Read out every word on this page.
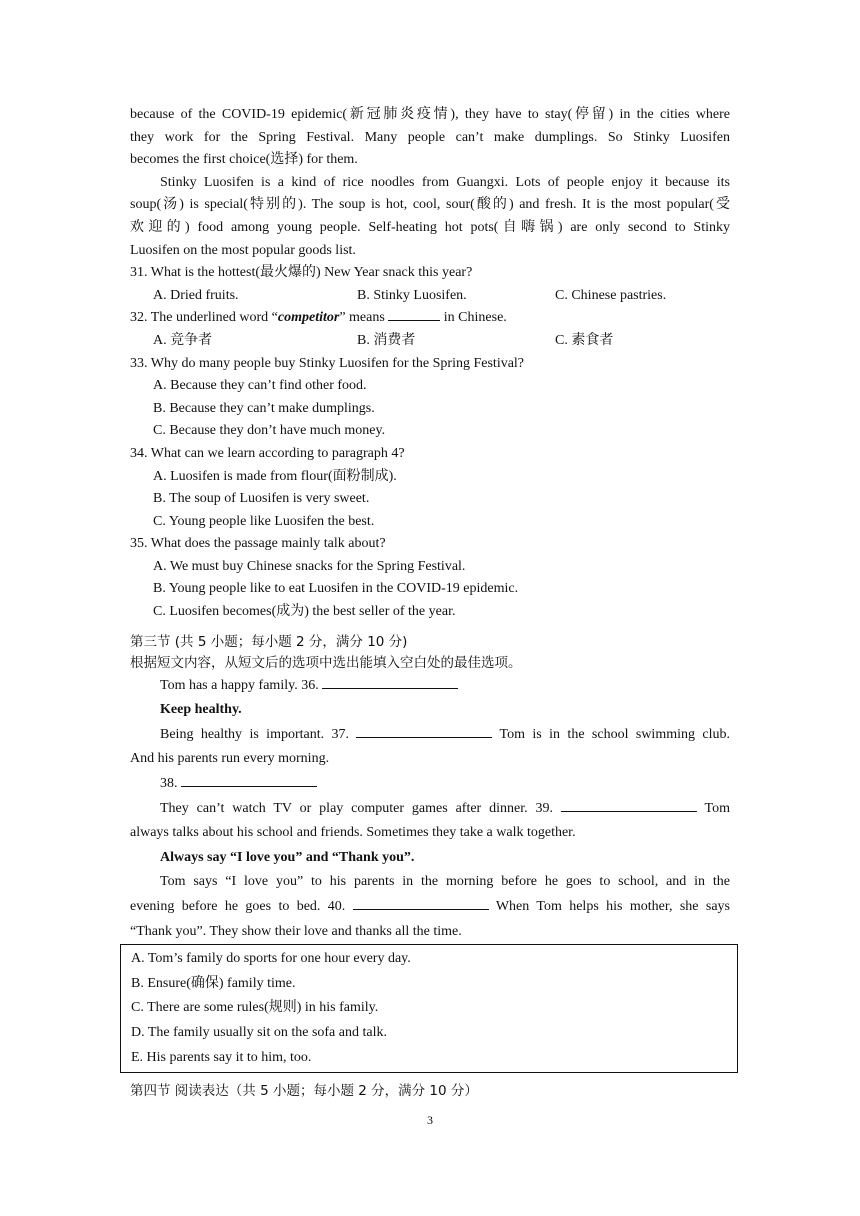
because of the COVID-19 epidemic(新冠肺炎疫情), they have to stay(停留) in the cities where
they work for the Spring Festival. Many people can’t make dumplings. So Stinky Luosifen
becomes the first choice(选择) for them.
Stinky Luosifen is a kind of rice noodles from Guangxi. Lots of people enjoy it because its
soup(汤) is special(特别的). The soup is hot, cool, sour(酸的) and fresh. It is the most popular(受
欢迎的) food among young people. Self-heating hot pots(自嗨锅) are only second to Stinky
Luosifen on the most popular goods list.
31. What is the hottest(最火爆的) New Year snack this year?
A. Dried fruits.	B. Stinky Luosifen.	C. Chinese pastries.
32. The underlined word “competitor” means	in Chinese.
A. 竞争者	B. 消费者	C. 素食者
33. Why do many people buy Stinky Luosifen for the Spring Festival?
A. Because they can’t find other food.
B. Because they can’t make dumplings.
C. Because they don’t have much money.
34. What can we learn according to paragraph 4?
A. Luosifen is made from flour(面粉制成).
B. The soup of Luosifen is very sweet.
C. Young people like Luosifen the best.
35. What does the passage mainly talk about?
A. We must buy Chinese snacks for the Spring Festival.
B. Young people like to eat Luosifen in the COVID-19 epidemic.
C. Luosifen becomes(成为) the best seller of the year.
第三节 (共 5 小题；每小题 2 分，满分 10 分)
根据短文内容，从短文后的选项中选出能填入空白处的最佳选项。
Tom has a happy family. 36.
Keep healthy.
Being healthy is important. 37.	Tom is in the school swimming club.
And his parents run every morning.
38.
They can’t watch TV or play computer games after dinner. 39.	Tom
always talks about his school and friends. Sometimes they take a walk together.
Always say “I love you” and “Thank you”.
Tom says “I love you” to his parents in the morning before he goes to school, and in the
evening before he goes to bed. 40.	When Tom helps his mother, she says
“Thank you”. They show their love and thanks all the time.
A. Tom’s family do sports for one hour every day.
B. Ensure(确保) family time.
C. There are some rules(规则) in his family.
D. The family usually sit on the sofa and talk.
E. His parents say it to him, too.
第四节 阅读表达（共 5 小题；每小题 2 分，满分 10 分）
3
